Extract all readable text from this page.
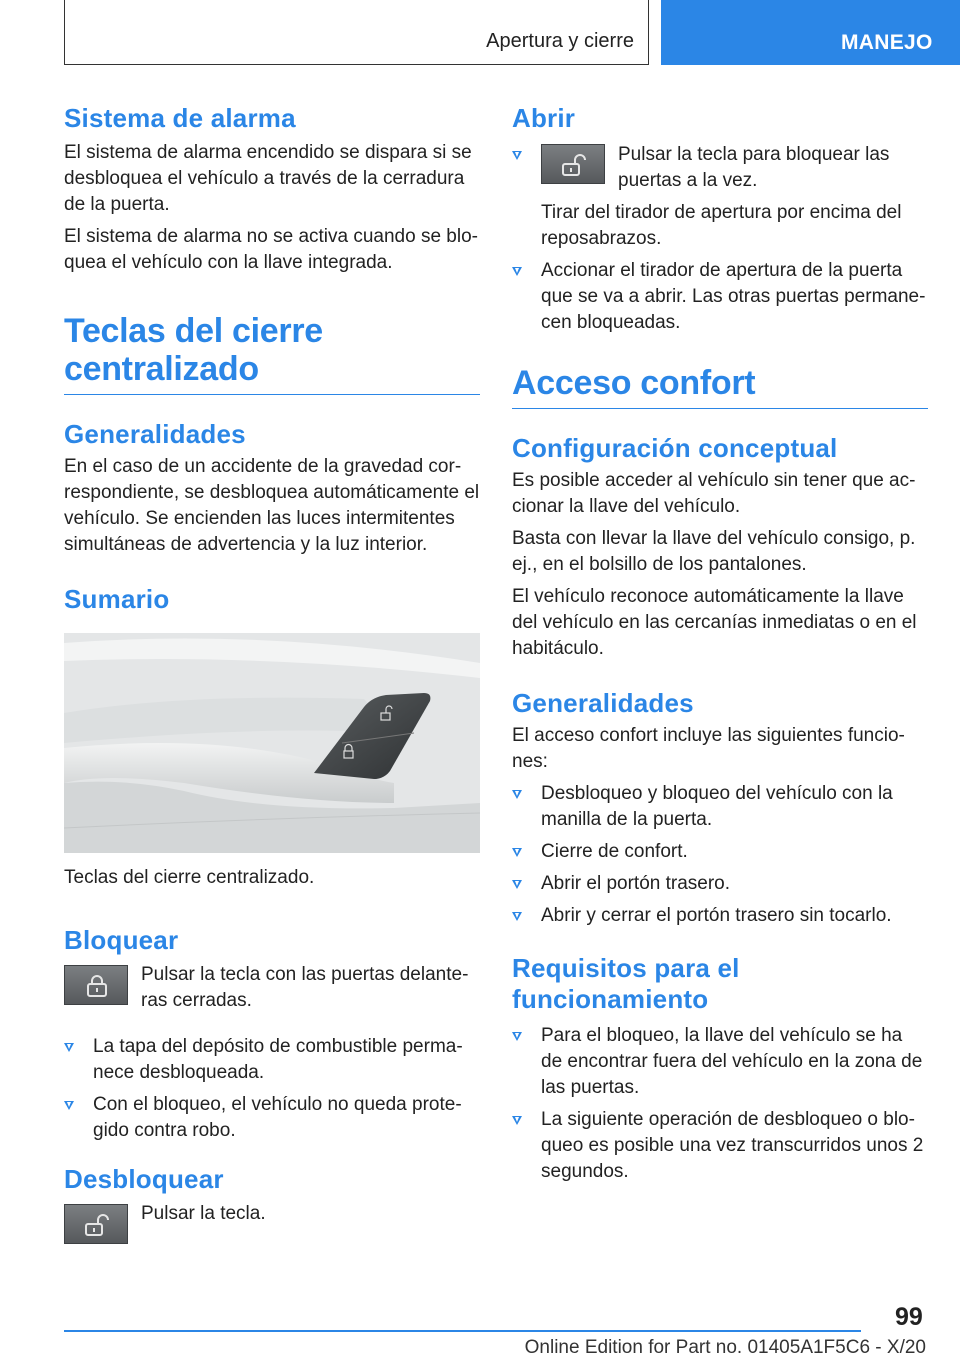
Apertura y cierre	MANEJO
Sistema de alarma

El sistema de alarma encendido se dispara si se desbloquea el vehículo a través de la cerradura de la puerta.

El sistema de alarma no se activa cuando se bloquea el vehículo con la llave integrada.

Teclas del cierre centralizado
Generalidades

En el caso de un accidente de la gravedad correspondiente, se desbloquea automáticamente el vehículo. Se encienden las luces intermitentes simultáneas de advertencia y la luz interior.

Sumario

Teclas del cierre centralizado.

Bloquear

Pulsar la tecla con las puertas delanteras cerradas.

La tapa del depósito de combustible permanece desbloqueada.
Con el bloqueo, el vehículo no queda protegido contra robo.
Desbloquear

Pulsar la tecla.

Abrir
Pulsar la tecla para bloquear las puertas a la vez.
Tirar del tirador de apertura por encima del reposabrazos.
Accionar el tirador de apertura de la puerta que se va a abrir. Las otras puertas permanecen bloqueadas.
Acceso confort
Configuración conceptual

Es posible acceder al vehículo sin tener que accionar la llave del vehículo.

Basta con llevar la llave del vehículo consigo, p. ej., en el bolsillo de los pantalones.

El vehículo reconoce automáticamente la llave del vehículo en las cercanías inmediatas o en el habitáculo.

Generalidades

El acceso confort incluye las siguientes funciones:

Desbloqueo y bloqueo del vehículo con la manilla de la puerta.
Cierre de confort.
Abrir el portón trasero.
Abrir y cerrar el portón trasero sin tocarlo.
Requisitos para el funcionamiento
Para el bloqueo, la llave del vehículo se ha de encontrar fuera del vehículo en la zona de las puertas.
La siguiente operación de desbloqueo o bloqueo es posible una vez transcurridos unos 2 segundos.
99
Online Edition for Part no. 01405A1F5C6 - X/20
